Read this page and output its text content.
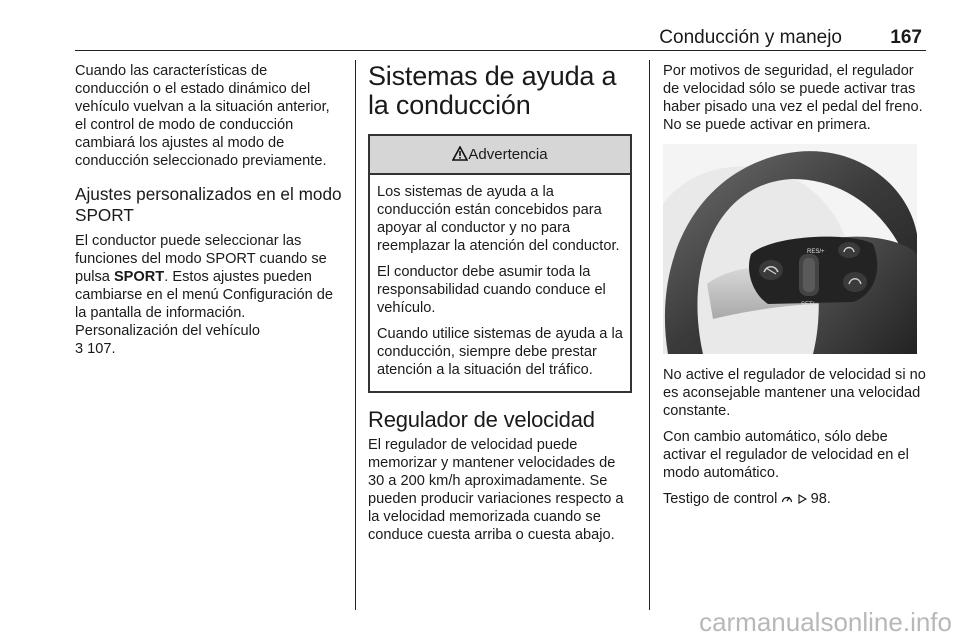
Conducción y manejo	167

Cuando las características de conducción o el estado dinámico del vehículo vuelvan a la situación anterior, el control de modo de conducción cambiará los ajustes al modo de conducción seleccionado previamente.

Ajustes personalizados en el modo SPORT

El conductor puede seleccionar las funciones del modo SPORT cuando se pulsa SPORT. Estos ajustes pueden cambiarse en el menú Configuración de la pantalla de información. Personalización del vehículo
3 107.

Sistemas de ayuda a la conducción
Advertencia

Los sistemas de ayuda a la conducción están concebidos para apoyar al conductor y no para reemplazar la atención del conductor.

El conductor debe asumir toda la responsabilidad cuando conduce el vehículo.

Cuando utilice sistemas de ayuda a la conducción, siempre debe prestar atención a la situación del tráfico.

Regulador de velocidad

El regulador de velocidad puede memorizar y mantener velocidades de 30 a 200 km/h aproximadamente. Se pueden producir variaciones respecto a la velocidad memorizada cuando se conduce cuesta arriba o cuesta abajo.

Por motivos de seguridad, el regulador de velocidad sólo se puede activar tras haber pisado una vez el pedal del freno. No se puede activar en primera.

RES/+
SET/-

No active el regulador de velocidad si no es aconsejable mantener una velocidad constante.

Con cambio automático, sólo debe activar el regulador de velocidad en el modo automático.

Testigo de control 98.

carmanualsonline.info
